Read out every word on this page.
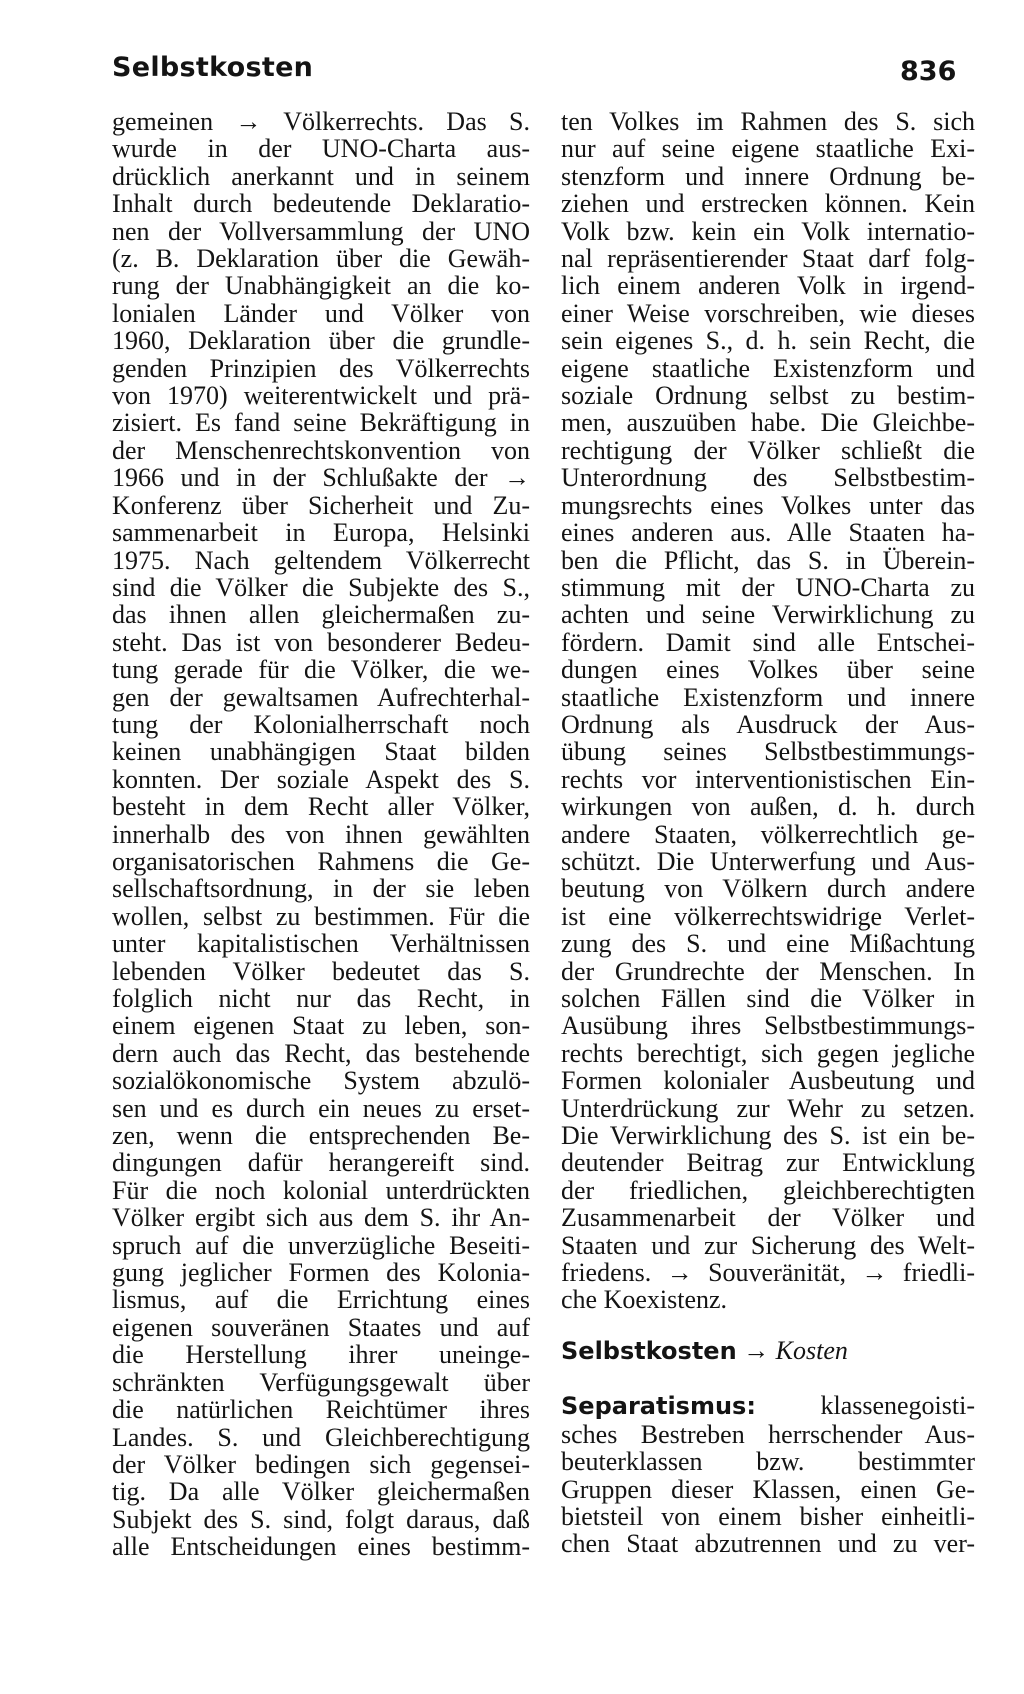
Selbstkosten	836
gemeinen → Völkerrechts. Das S.
wurde in der UNO-Charta aus-
drücklich anerkannt und in seinem
Inhalt durch bedeutende Deklaratio-
nen der Vollversammlung der UNO
(z. B. Deklaration über die Gewäh-
rung der Unabhängigkeit an die ko-
lonialen Länder und Völker von
1960, Deklaration über die grundle-
genden Prinzipien des Völkerrechts
von 1970) weiterentwickelt und prä-
zisiert. Es fand seine Bekräftigung in
der Menschenrechtskonvention von
1966 und in der Schlußakte der →
Konferenz über Sicherheit und Zu-
sammenarbeit in Europa, Helsinki
1975. Nach geltendem Völkerrecht
sind die Völker die Subjekte des S.,
das ihnen allen gleichermaßen zu-
steht. Das ist von besonderer Bedeu-
tung gerade für die Völker, die we-
gen der gewaltsamen Aufrechterhal-
tung der Kolonialherrschaft noch
keinen unabhängigen Staat bilden
konnten. Der soziale Aspekt des S.
besteht in dem Recht aller Völker,
innerhalb des von ihnen gewählten
organisatorischen Rahmens die Ge-
sellschaftsordnung, in der sie leben
wollen, selbst zu bestimmen. Für die
unter kapitalistischen Verhältnissen
lebenden Völker bedeutet das S.
folglich nicht nur das Recht, in
einem eigenen Staat zu leben, son-
dern auch das Recht, das bestehende
sozialökonomische System abzulö-
sen und es durch ein neues zu erset-
zen, wenn die entsprechenden Be-
dingungen dafür herangereift sind.
Für die noch kolonial unterdrückten
Völker ergibt sich aus dem S. ihr An-
spruch auf die unverzügliche Beseiti-
gung jeglicher Formen des Kolonia-
lismus, auf die Errichtung eines
eigenen souveränen Staates und auf
die Herstellung ihrer uneinge-
schränkten Verfügungsgewalt über
die natürlichen Reichtümer ihres
Landes. S. und Gleichberechtigung
der Völker bedingen sich gegensei-
tig. Da alle Völker gleichermaßen
Subjekt des S. sind, folgt daraus, daß
alle Entscheidungen eines bestimm-
ten Volkes im Rahmen des S. sich
nur auf seine eigene staatliche Exi-
stenzform und innere Ordnung be-
ziehen und erstrecken können. Kein
Volk bzw. kein ein Volk internatio-
nal repräsentierender Staat darf folg-
lich einem anderen Volk in irgend-
einer Weise vorschreiben, wie dieses
sein eigenes S., d. h. sein Recht, die
eigene staatliche Existenzform und
soziale Ordnung selbst zu bestim-
men, auszuüben habe. Die Gleichbe-
rechtigung der Völker schließt die
Unterordnung des Selbstbestim-
mungsrechts eines Volkes unter das
eines anderen aus. Alle Staaten ha-
ben die Pflicht, das S. in Überein-
stimmung mit der UNO-Charta zu
achten und seine Verwirklichung zu
fördern. Damit sind alle Entschei-
dungen eines Volkes über seine
staatliche Existenzform und innere
Ordnung als Ausdruck der Aus-
übung seines Selbstbestimmungs-
rechts vor interventionistischen Ein-
wirkungen von außen, d. h. durch
andere Staaten, völkerrechtlich ge-
schützt. Die Unterwerfung und Aus-
beutung von Völkern durch andere
ist eine völkerrechtswidrige Verlet-
zung des S. und eine Mißachtung
der Grundrechte der Menschen. In
solchen Fällen sind die Völker in
Ausübung ihres Selbstbestimmungs-
rechts berechtigt, sich gegen jegliche
Formen kolonialer Ausbeutung und
Unterdrückung zur Wehr zu setzen.
Die Verwirklichung des S. ist ein be-
deutender Beitrag zur Entwicklung
der friedlichen, gleichberechtigten
Zusammenarbeit der Völker und
Staaten und zur Sicherung des Welt-
friedens. → Souveränität, → friedli-
che Koexistenz.
Selbstkosten → Kosten
Separatismus: klassenegoisti-
sches Bestreben herrschender Aus-
beuterklassen bzw. bestimmter
Gruppen dieser Klassen, einen Ge-
bietsteil von einem bisher einheitli-
chen Staat abzutrennen und zu ver-
